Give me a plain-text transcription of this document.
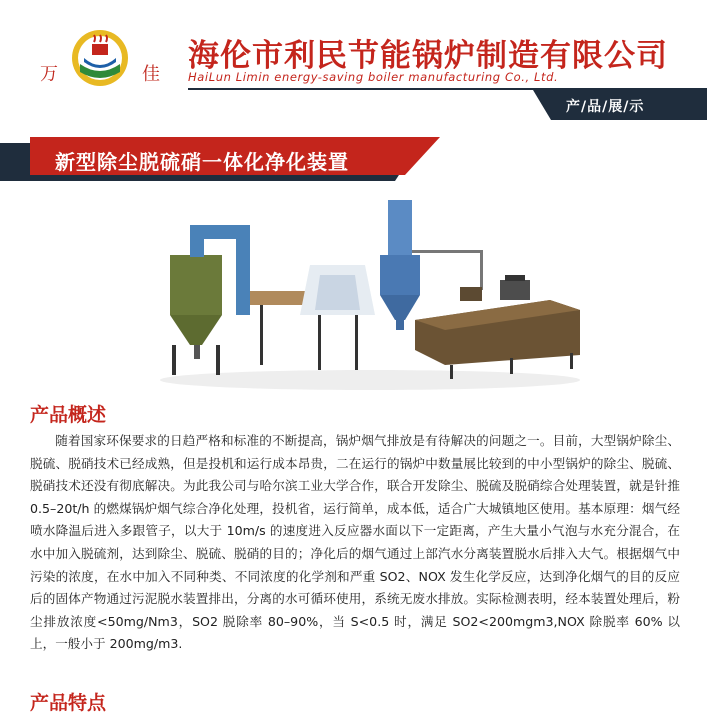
万	佳
海伦市利民节能锅炉制造有限公司
HaiLun Limin energy-saving boiler manufacturing Co., Ltd.
产/品/展/示
新型除尘脱硫硝一体化净化装置
产品概述
随着国家环保要求的日趋严格和标准的不断提高，锅炉烟气排放是有待解决的问题之一。目前，大型锅炉除尘、脱硫、脱硝技术已经成熟，但是投机和运行成本昂贵，二在运行的锅炉中数量展比较到的中小型锅炉的除尘、脱硫、脱硝技术还没有彻底解决。为此我公司与哈尔滨工业大学合作，联合开发除尘、脱硫及脱硝综合处理装置，就是针推 0.5–20t/h 的燃煤锅炉烟气综合净化处理，投机省，运行简单，成本低，适合广大城镇地区使用。基本原理：烟气经喷水降温后进入多跟管子，以大于 10m/s 的速度进入反应器水面以下一定距离，产生大量小气泡与水充分混合，在水中加入脱硫剂，达到除尘、脱硫、脱硝的目的；净化后的烟气通过上部汽水分离装置脱水后排入大气。根据烟气中污染的浓度，在水中加入不同种类、不同浓度的化学剂和严重 SO2、NOX 发生化学反应，达到净化烟气的目的反应后的固体产物通过污泥脱水装置排出，分离的水可循环使用，系统无废水排放。实际检测表明，经本装置处理后，粉尘排放浓度<50mg/Nm3，SO2 脱除率 80–90%，当 S<0.5 时，满足 SO2<200mgm3,NOX 除脱率 60% 以上，一般小于 200mg/m3.
产品特点
